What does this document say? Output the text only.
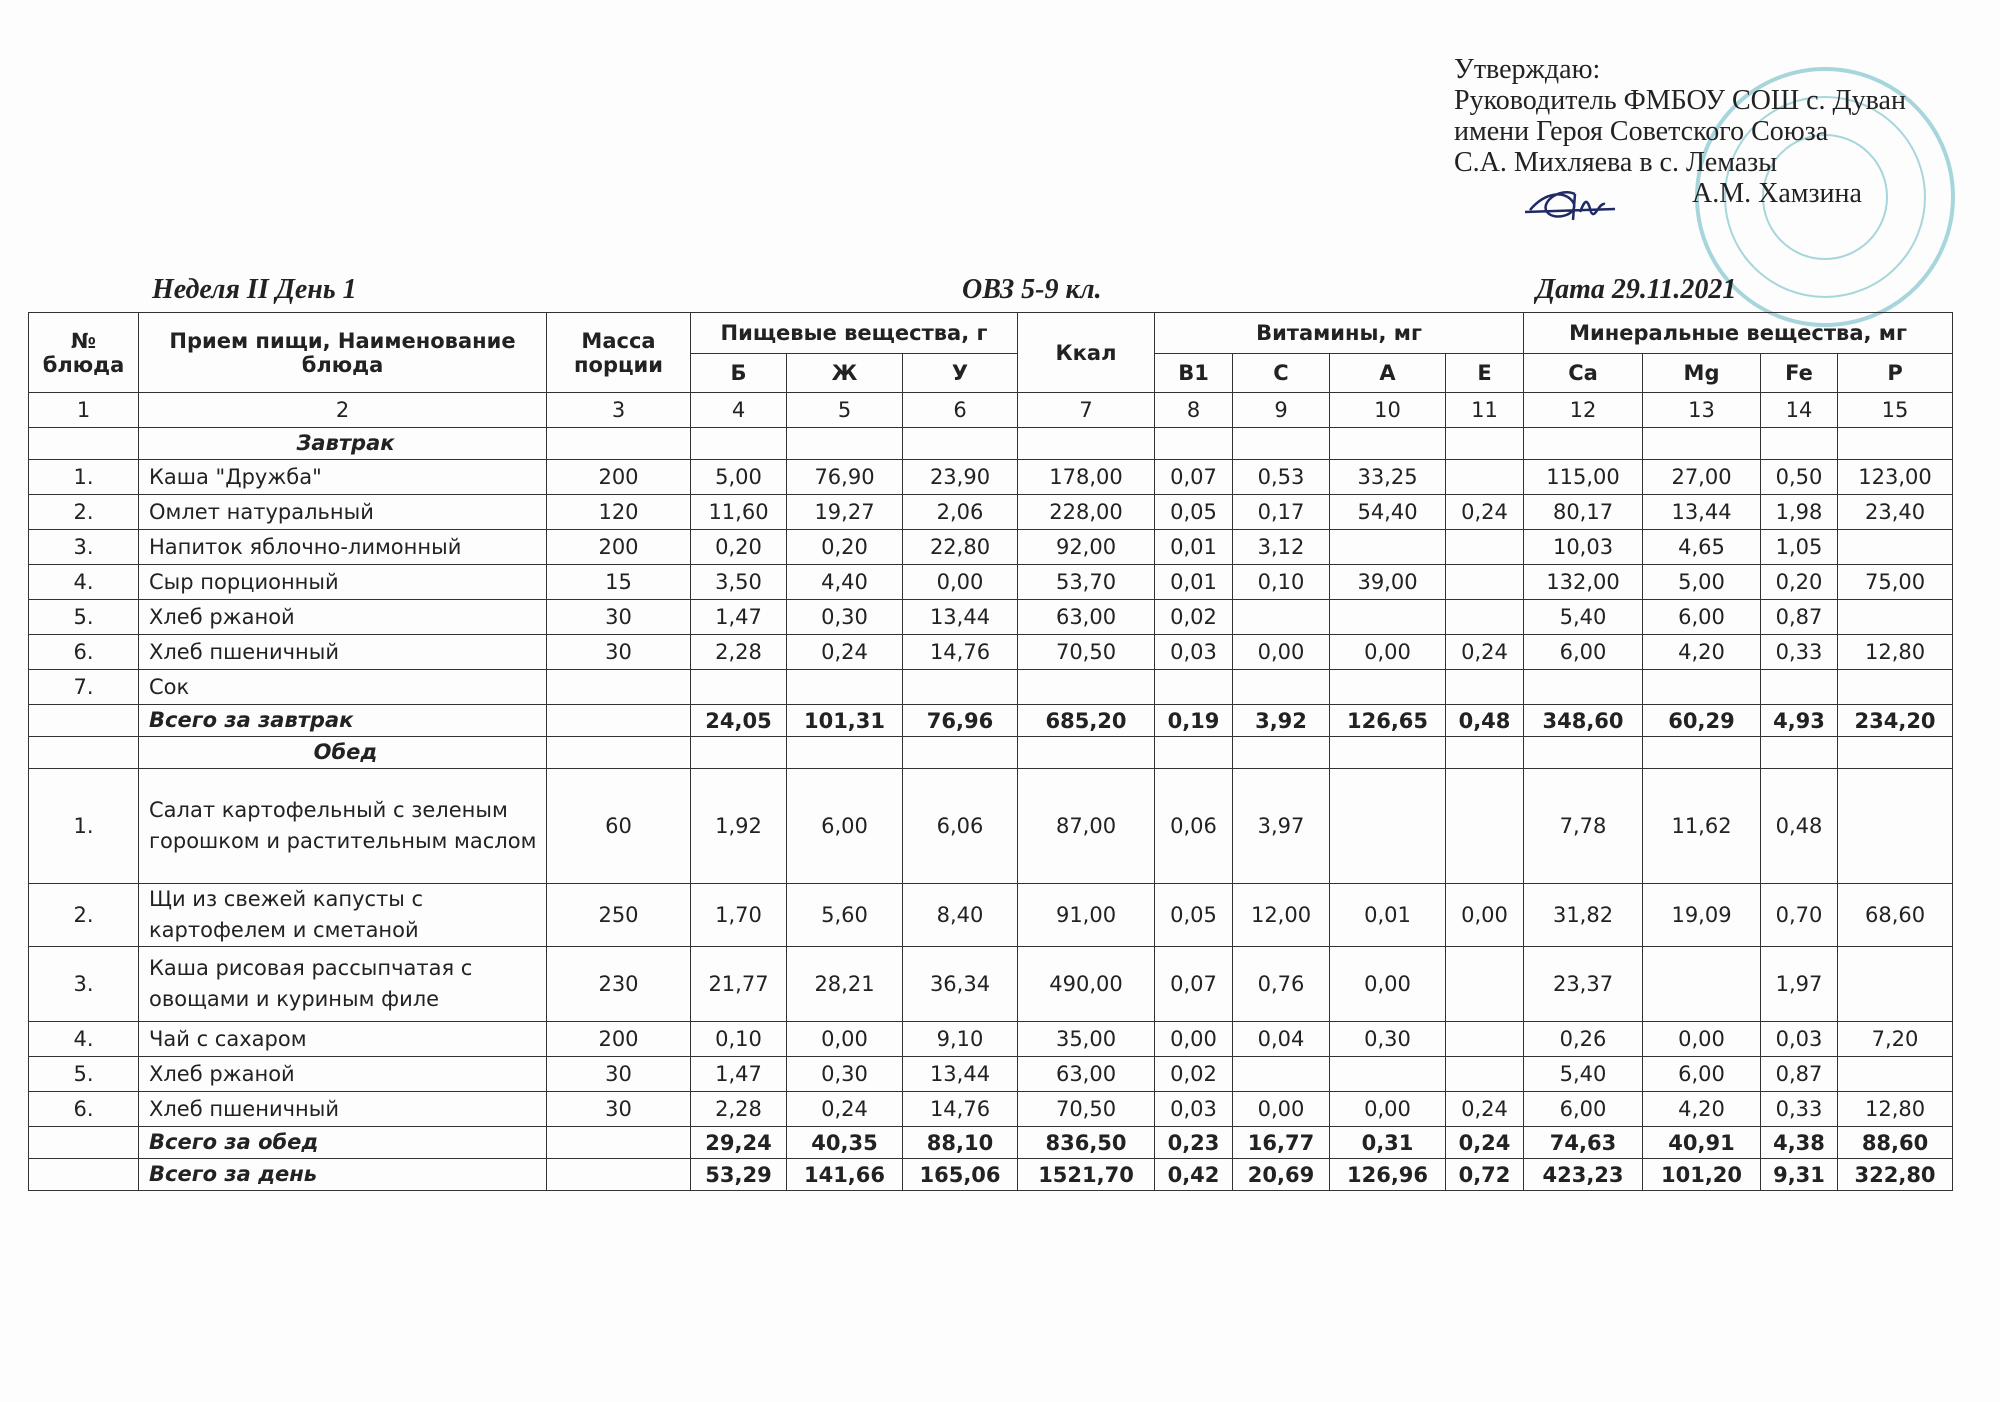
Утверждаю:
Руководитель ФМБОУ СОШ с. Дуван
имени Героя Советского Союза
С.А. Михляева в с. Лемазы
А.М. Хамзина
Неделя II День 1	ОВЗ 5-9 кл.	Дата 29.11.2021
№ блюда	Прием пищи, Наименование блюда	Масса порции	Пищевые вещества, г			Ккал	Витамины, мг				Минеральные вещества, мг			
			Б	Ж	У		В1	С	А	Е	Са	Mg	Fe	Р
1	2	3	4	5	6	7	8	9	10	11	12	13	14	15
	Завтрак													
1.	Каша "Дружба"	200	5,00	76,90	23,90	178,00	0,07	0,53	33,25		115,00	27,00	0,50	123,00
2.	Омлет натуральный	120	11,60	19,27	2,06	228,00	0,05	0,17	54,40	0,24	80,17	13,44	1,98	23,40
3.	Напиток яблочно-лимонный	200	0,20	0,20	22,80	92,00	0,01	3,12			10,03	4,65	1,05	
4.	Сыр порционный	15	3,50	4,40	0,00	53,70	0,01	0,10	39,00		132,00	5,00	0,20	75,00
5.	Хлеб ржаной	30	1,47	0,30	13,44	63,00	0,02				5,40	6,00	0,87	
6.	Хлеб пшеничный	30	2,28	0,24	14,76	70,50	0,03	0,00	0,00	0,24	6,00	4,20	0,33	12,80
7.	Сок													
	Всего за завтрак		24,05	101,31	76,96	685,20	0,19	3,92	126,65	0,48	348,60	60,29	4,93	234,20
	Обед													
1.	Салат картофельный с зеленым горошком и растительным маслом	60	1,92	6,00	6,06	87,00	0,06	3,97			7,78	11,62	0,48	
2.	Щи из свежей капусты с картофелем и сметаной	250	1,70	5,60	8,40	91,00	0,05	12,00	0,01	0,00	31,82	19,09	0,70	68,60
3.	Каша рисовая рассыпчатая с овощами и куриным филе	230	21,77	28,21	36,34	490,00	0,07	0,76	0,00		23,37		1,97	
4.	Чай с сахаром	200	0,10	0,00	9,10	35,00	0,00	0,04	0,30		0,26	0,00	0,03	7,20
5.	Хлеб ржаной	30	1,47	0,30	13,44	63,00	0,02				5,40	6,00	0,87	
6.	Хлеб пшеничный	30	2,28	0,24	14,76	70,50	0,03	0,00	0,00	0,24	6,00	4,20	0,33	12,80
	Всего за обед		29,24	40,35	88,10	836,50	0,23	16,77	0,31	0,24	74,63	40,91	4,38	88,60
	Всего за день		53,29	141,66	165,06	1521,70	0,42	20,69	126,96	0,72	423,23	101,20	9,31	322,80
